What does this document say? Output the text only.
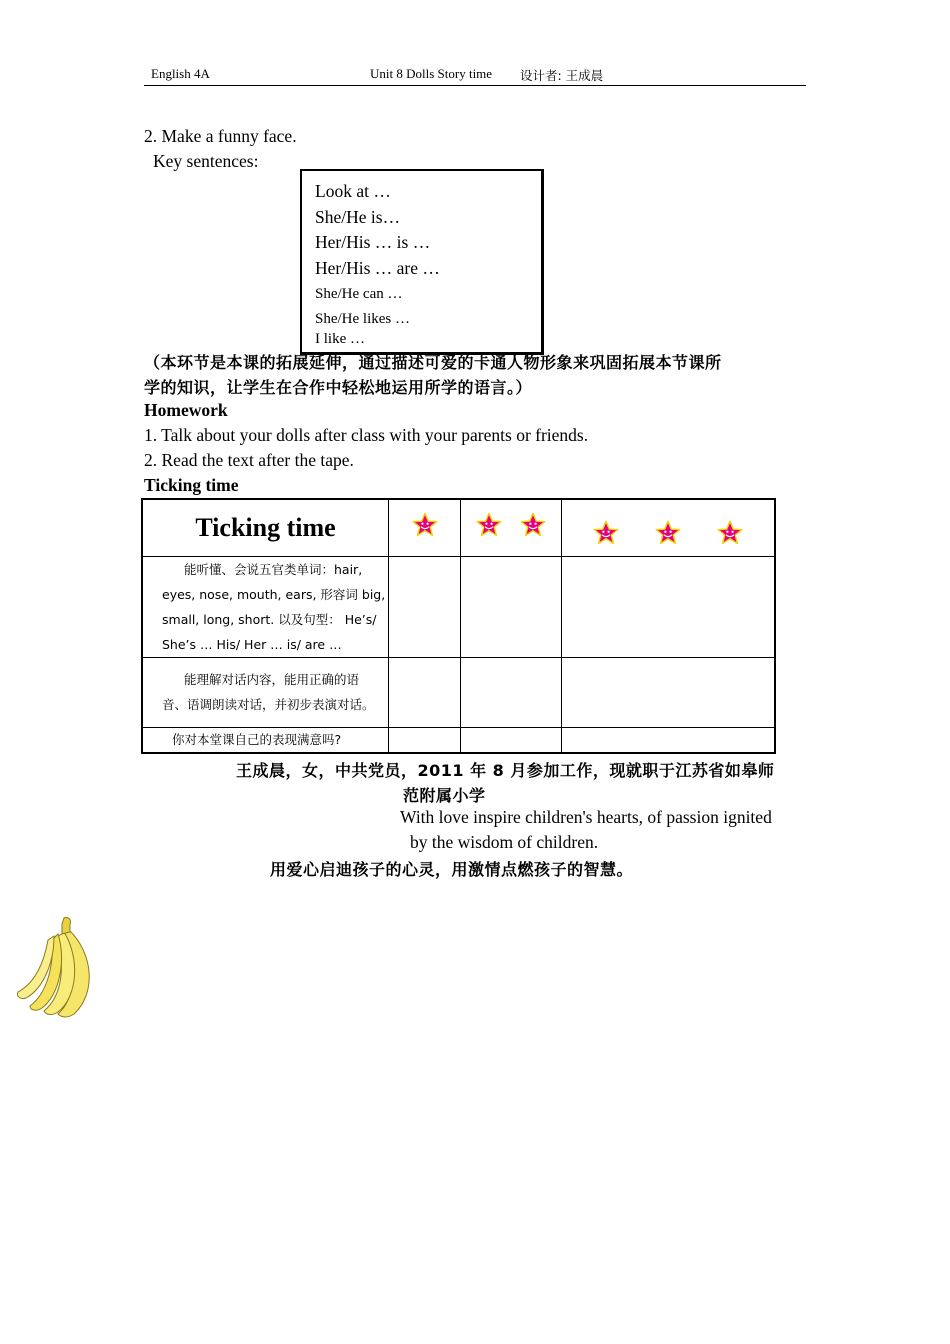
English 4A	Unit 8 Dolls Story time 设计者: 王成晨
2. Make a funny face.
Key sentences:
Look at …
She/He is…
Her/His … is …
Her/His … are …
She/He can …
She/He likes …
I like …
（本环节是本课的拓展延伸，通过描述可爱的卡通人物形象来巩固拓展本节课所
学的知识，让学生在合作中轻松地运用所学的语言。）
Homework
1. Talk about your dolls after class with your parents or friends.
2. Read the text after the tape.
Ticking time
Ticking time			

能听懂、会说五官类单词：hair,
eyes, nose, mouth, ears, 形容词 big,
small, long, short. 以及句型： He’s/
She’s … His/ Her … is/ are …			

能理解对话内容，能用正确的语
音、语调朗读对话，并初步表演对话。			

你对本堂课自己的表现满意吗?			
王成晨，女，中共党员，2011 年 8 月参加工作，现就职于江苏省如皋师
范附属小学
With love inspire children's hearts, of passion ignited
by the wisdom of children.
用爱心启迪孩子的心灵，用激情点燃孩子的智慧。
